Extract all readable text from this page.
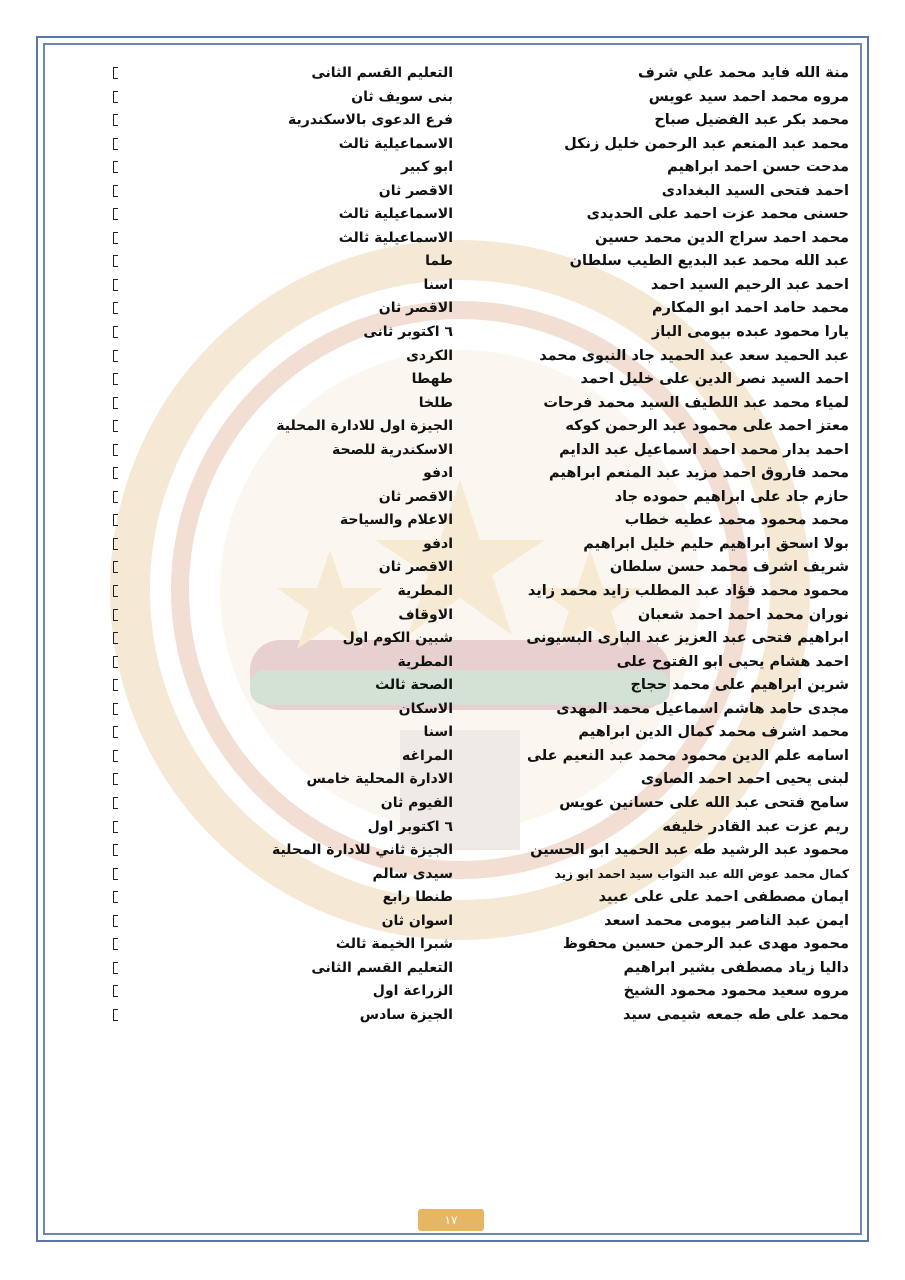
منة الله فايد محمد علي شرف
التعليم القسم الثانى
مروه محمد احمد سيد عويس
بنى سويف ثان
محمد بكر عبد الفضيل صباح
فرع الدعوى بالاسكندرية
محمد عبد المنعم عبد الرحمن خليل زنكل
الاسماعيلية ثالث
مدحت حسن احمد ابراهيم
ابو كبير
احمد فتحى السيد البغدادى
الاقصر ثان
حسنى محمد عزت احمد على الحديدى
الاسماعيلية ثالث
محمد احمد سراج الدين محمد حسين
الاسماعيلية ثالث
عبد الله محمد عبد البديع الطيب سلطان
طما
احمد عبد الرحيم السيد احمد
اسنا
محمد حامد احمد ابو المكارم
الاقصر ثان
يارا محمود عبده بيومى الباز
٦ اكتوبر ثانى
عبد الحميد سعد عبد الحميد جاد النبوى محمد
الكردى
احمد السيد نصر الدين على خليل احمد
طهطا
لمياء محمد عبد اللطيف السيد محمد فرحات
طلخا
معتز احمد على محمود عبد الرحمن كوكه
الجيزة اول للادارة المحلية
احمد بدار محمد احمد اسماعيل عبد الدايم
الاسكندرية للصحة
محمد فاروق احمد مزيد عبد المنعم ابراهيم
ادفو
حازم جاد على ابراهيم حموده جاد
الاقصر ثان
محمد محمود محمد عطيه خطاب
الاعلام والسياحة
بولا اسحق ابراهيم حليم خليل ابراهيم
ادفو
شريف اشرف محمد حسن سلطان
الاقصر ثان
محمود محمد فؤاد عبد المطلب زايد محمد زايد
المطرية
نوران محمد احمد احمد شعبان
الاوقاف
ابراهيم فتحى عبد العزيز عبد البارى البسيونى
شبين الكوم اول
احمد هشام يحيى ابو الفتوح على
المطرية
شرين ابراهيم على محمد حجاج
الصحة ثالث
مجدى حامد هاشم اسماعيل محمد المهدى
الاسكان
محمد اشرف محمد كمال الدين ابراهيم
اسنا
اسامه علم الدين محمود محمد عبد النعيم على
المراغه
لبنى يحيى احمد احمد الصاوى
الادارة المحلية خامس
سامح فتحى عبد الله على حسانين عويس
الفيوم ثان
ريم عزت عبد القادر خليفه
٦ اكتوبر اول
محمود عبد الرشيد طه عبد الحميد ابو الحسين
الجيزة ثاني للادارة المحلية
كمال محمد عوض الله عبد التواب سيد احمد ابو زيد
سيدى سالم
ايمان مصطفى احمد على على عبيد
طنطا رابع
ايمن عبد الناصر بيومى محمد اسعد
اسوان ثان
محمود مهدى عبد الرحمن حسين محفوظ
شبرا الخيمة ثالث
داليا زياد مصطفى بشير ابراهيم
التعليم القسم الثانى
مروه سعيد محمود محمود الشيخ
الزراعة اول
محمد على طه جمعه شيمى سيد
الجيزة سادس
١٧
